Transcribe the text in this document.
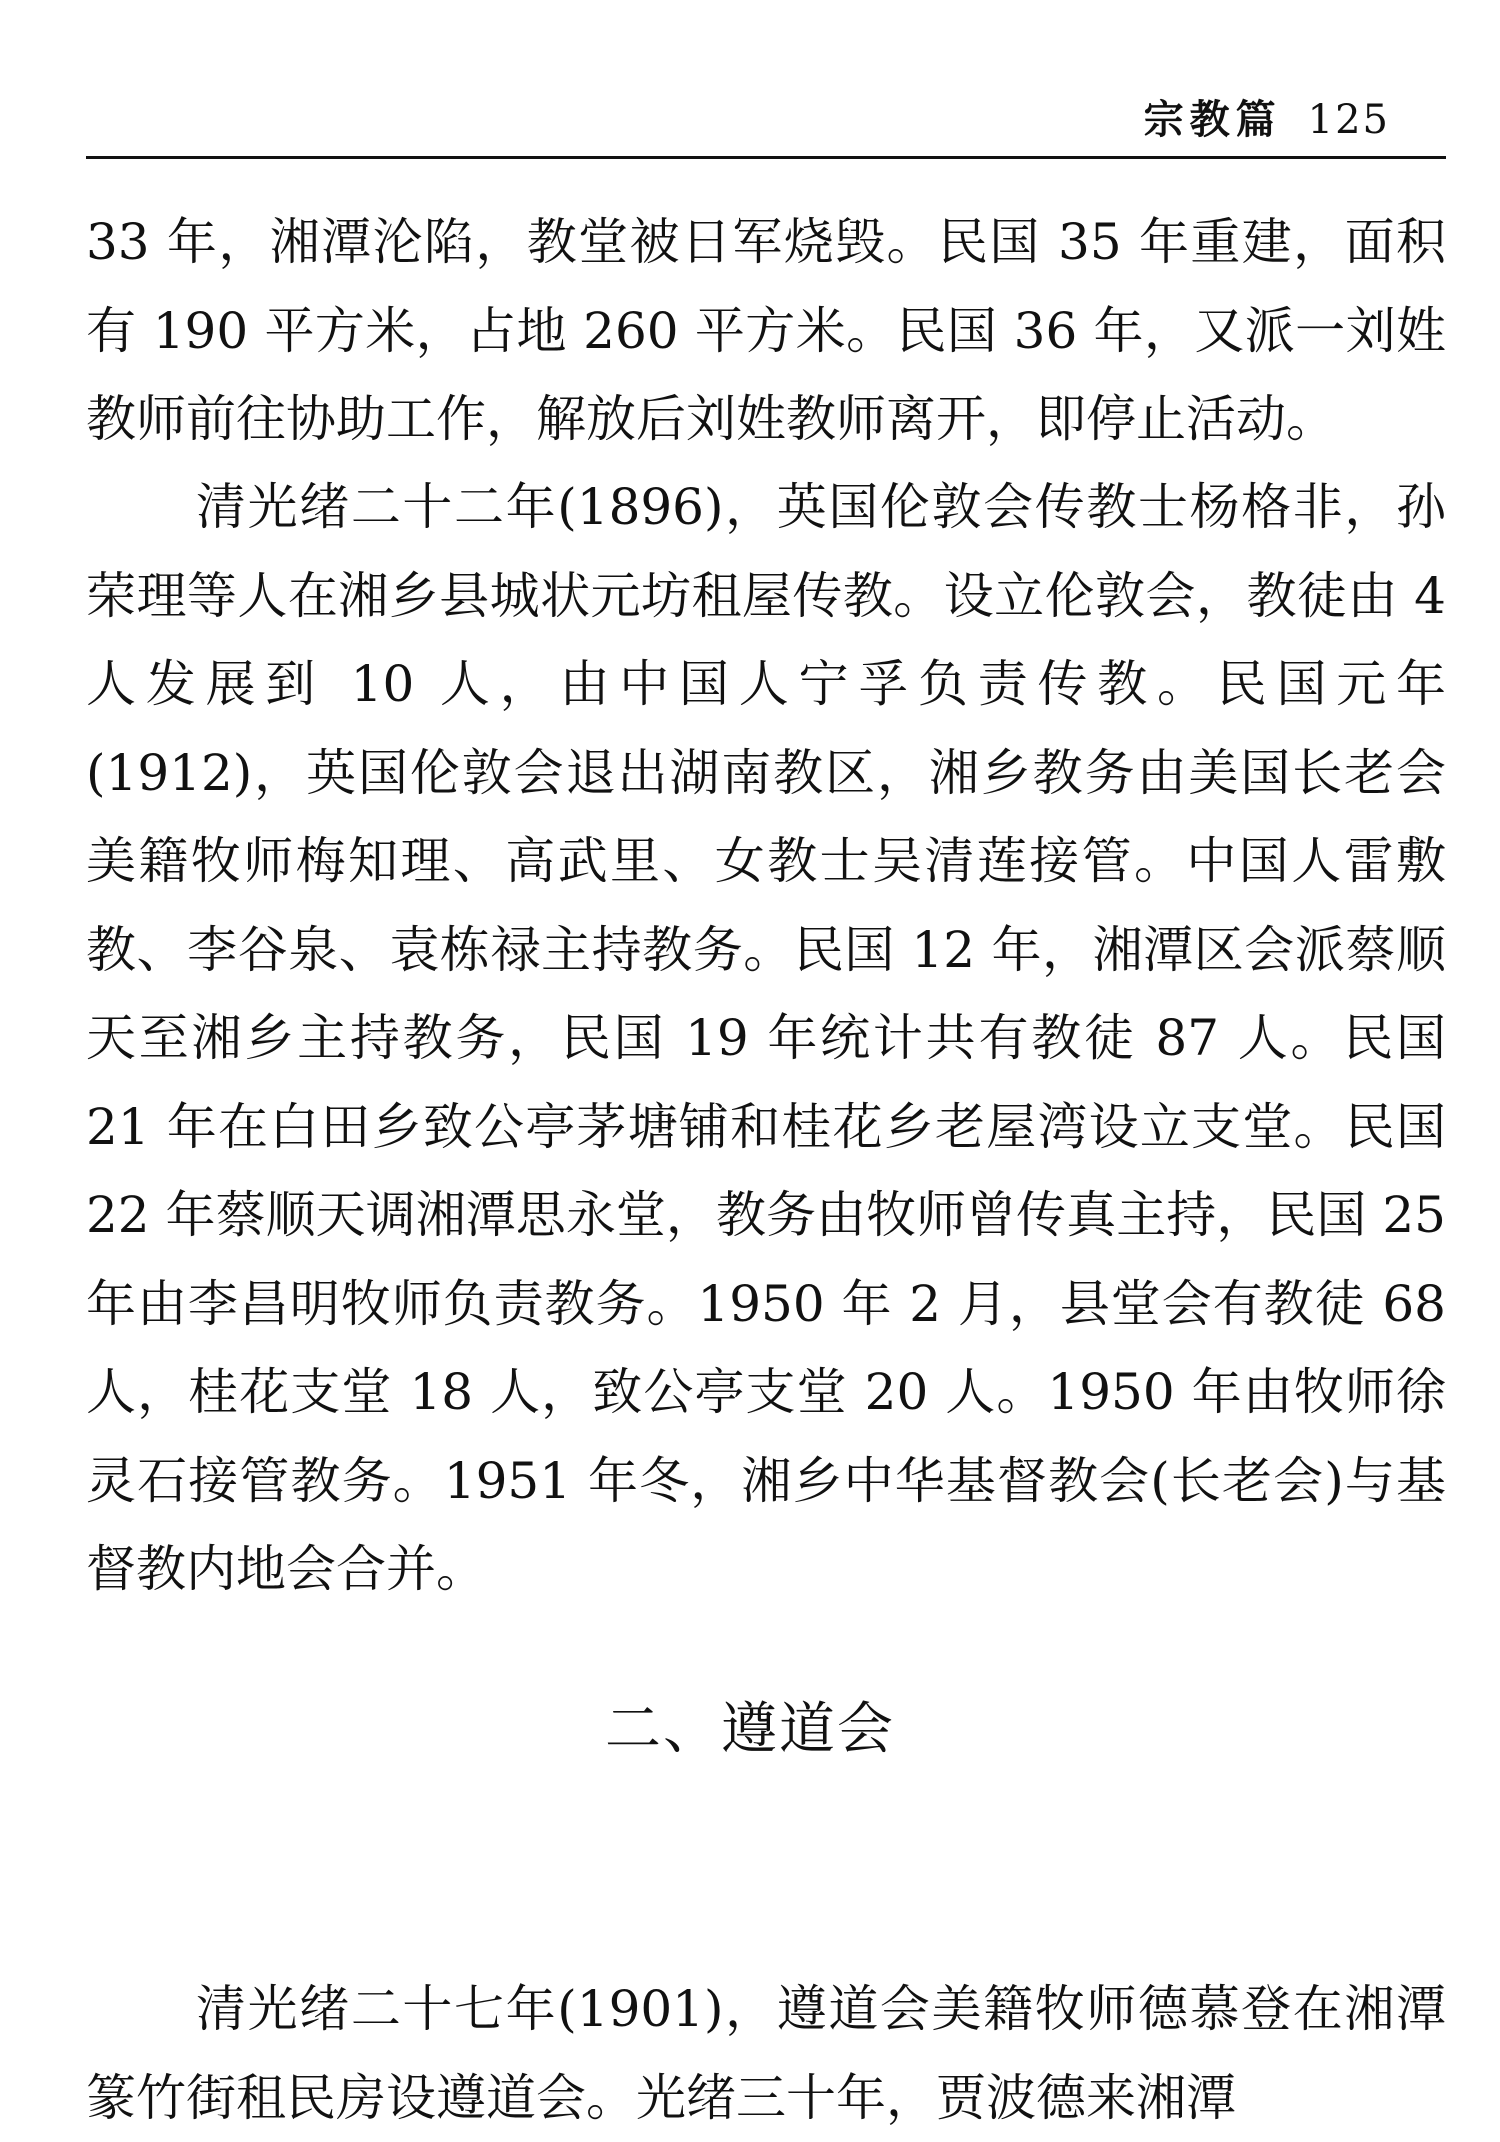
宗教篇 125

33 年，湘潭沦陷，教堂被日军烧毁。民国 35 年重建，面积有 190 平方米，占地 260 平方米。民国 36 年，又派一刘姓教师前往协助工作，解放后刘姓教师离开，即停止活动。

清光绪二十二年(1896)，英国伦敦会传教士杨格非，孙荣理等人在湘乡县城状元坊租屋传教。设立伦敦会，教徒由 4 人发展到 10 人，由中国人宁孚负责传教。民国元年(1912)，英国伦敦会退出湖南教区，湘乡教务由美国长老会美籍牧师梅知理、高武里、女教士吴清莲接管。中国人雷敷教、李谷泉、袁栋禄主持教务。民国 12 年，湘潭区会派蔡顺天至湘乡主持教务，民国 19 年统计共有教徒 87 人。民国 21 年在白田乡致公亭茅塘铺和桂花乡老屋湾设立支堂。民国 22 年蔡顺天调湘潭思永堂，教务由牧师曾传真主持，民国 25 年由李昌明牧师负责教务。1950 年 2 月，县堂会有教徒 68 人，桂花支堂 18 人，致公亭支堂 20 人。1950 年由牧师徐灵石接管教务。1951 年冬，湘乡中华基督教会(长老会)与基督教内地会合并。

二、遵道会

清光绪二十七年(1901)，遵道会美籍牧师德慕登在湘潭篆竹街租民房设遵道会。光绪三十年，贾波德来湘潭
